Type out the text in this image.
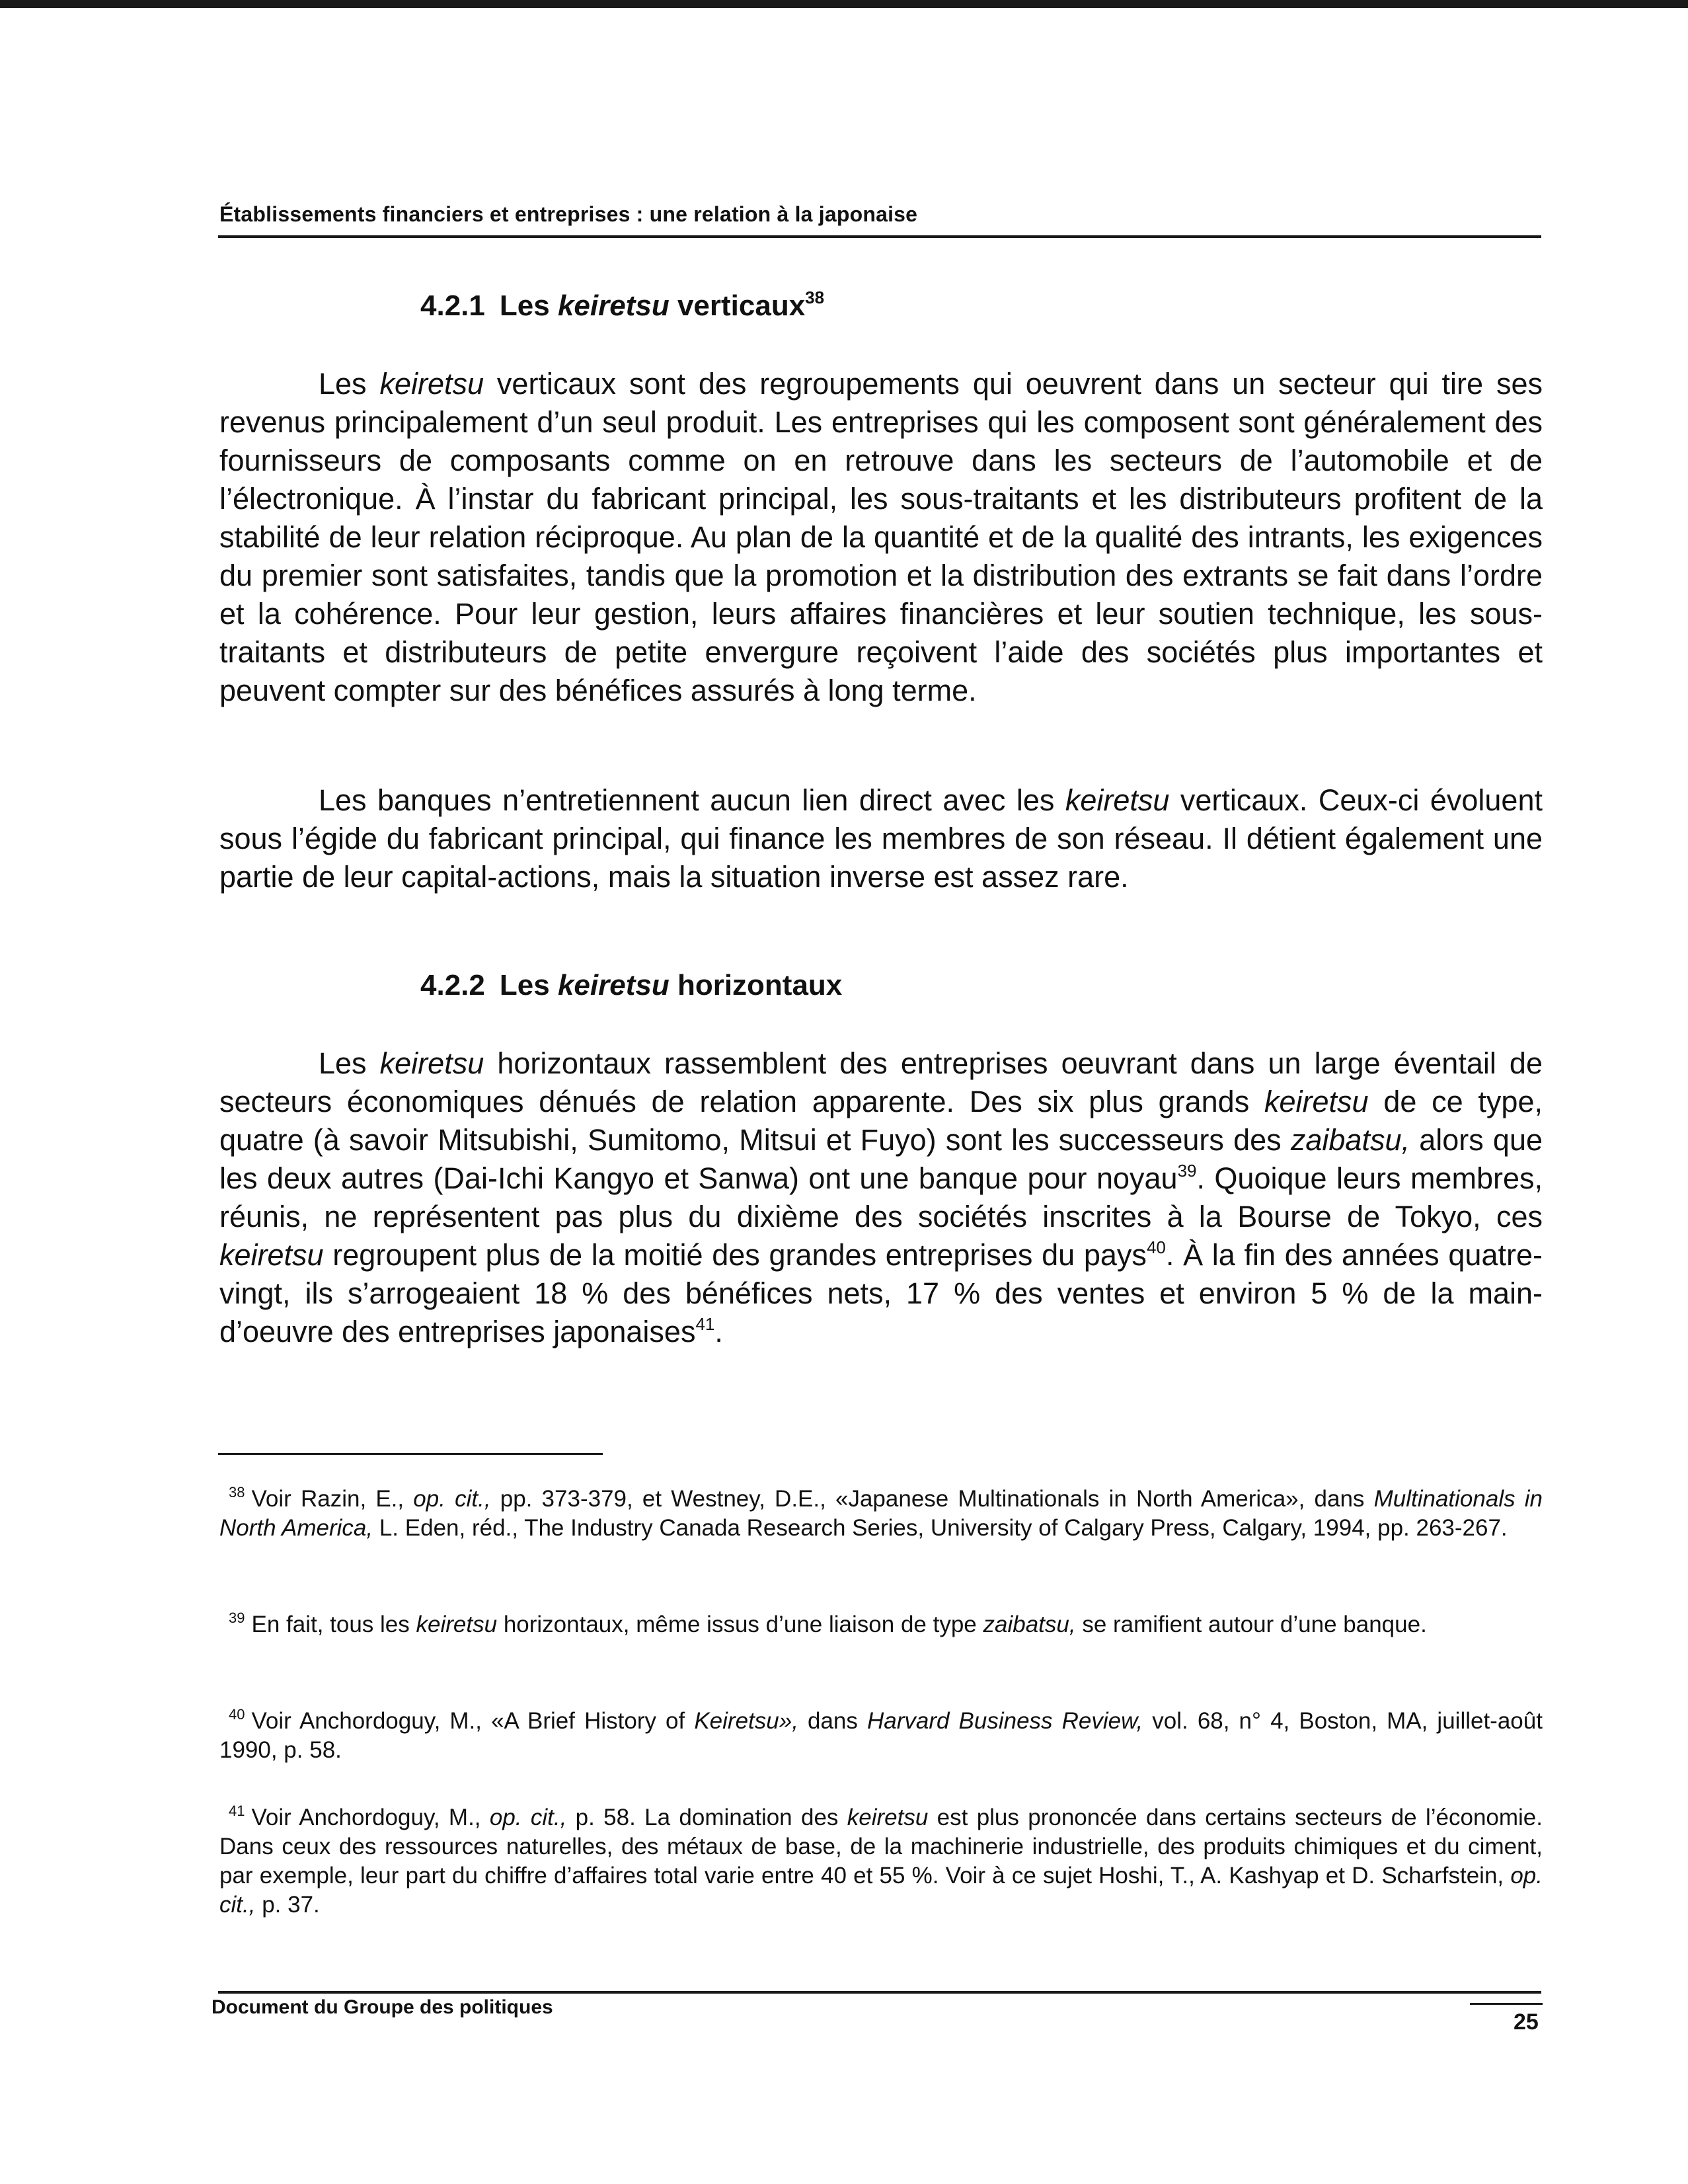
Établissements financiers et entreprises : une relation à la japonaise
4.2.1 Les keiretsu verticaux$^{38}$

Les keiretsu verticaux sont des regroupements qui oeuvrent dans un secteur qui tire ses revenus principalement d’un seul produit. Les entreprises qui les composent sont généralement des fournisseurs de composants comme on en retrouve dans les secteurs de l’automobile et de l’électronique. À l’instar du fabricant principal, les sous-traitants et les distributeurs profitent de la stabilité de leur relation réciproque. Au plan de la quantité et de la qualité des intrants, les exigences du premier sont satisfaites, tandis que la promotion et la distribution des extrants se fait dans l’ordre et la cohérence. Pour leur gestion, leurs affaires financières et leur soutien technique, les sous-traitants et distributeurs de petite envergure reçoivent l’aide des sociétés plus importantes et peuvent compter sur des bénéfices assurés à long terme.

Les banques n’entretiennent aucun lien direct avec les keiretsu verticaux. Ceux-ci évoluent sous l’égide du fabricant principal, qui finance les membres de son réseau. Il détient également une partie de leur capital-actions, mais la situation inverse est assez rare.

4.2.2 Les keiretsu horizontaux

Les keiretsu horizontaux rassemblent des entreprises oeuvrant dans un large éventail de secteurs économiques dénués de relation apparente. Des six plus grands keiretsu de ce type, quatre (à savoir Mitsubishi, Sumitomo, Mitsui et Fuyo) sont les successeurs des zaibatsu, alors que les deux autres (Dai-Ichi Kangyo et Sanwa) ont une banque pour noyau$^{39}$. Quoique leurs membres, réunis, ne représentent pas plus du dixième des sociétés inscrites à la Bourse de Tokyo, ces keiretsu regroupent plus de la moitié des grandes entreprises du pays$^{40}$. À la fin des années quatre-vingt, ils s’arrogeaient 18 % des bénéfices nets, 17 % des ventes et environ 5 % de la main-d’oeuvre des entreprises japonaises$^{41}$.

$^{38}$ Voir Razin, E., op. cit., pp. 373-379, et Westney, D.E., «Japanese Multinationals in North America», dans Multinationals in North America, L. Eden, réd., The Industry Canada Research Series, University of Calgary Press, Calgary, 1994, pp. 263-267.

$^{39}$ En fait, tous les keiretsu horizontaux, même issus d’une liaison de type zaibatsu, se ramifient autour d’une banque.

$^{40}$ Voir Anchordoguy, M., «A Brief History of Keiretsu», dans Harvard Business Review, vol. 68, n° 4, Boston, MA, juillet-août 1990, p. 58.

$^{41}$ Voir Anchordoguy, M., op. cit., p. 58. La domination des keiretsu est plus prononcée dans certains secteurs de l’économie. Dans ceux des ressources naturelles, des métaux de base, de la machinerie industrielle, des produits chimiques et du ciment, par exemple, leur part du chiffre d’affaires total varie entre 40 et 55 %. Voir à ce sujet Hoshi, T., A. Kashyap et D. Scharfstein, op. cit., p. 37.

Document du Groupe des politiques
25
